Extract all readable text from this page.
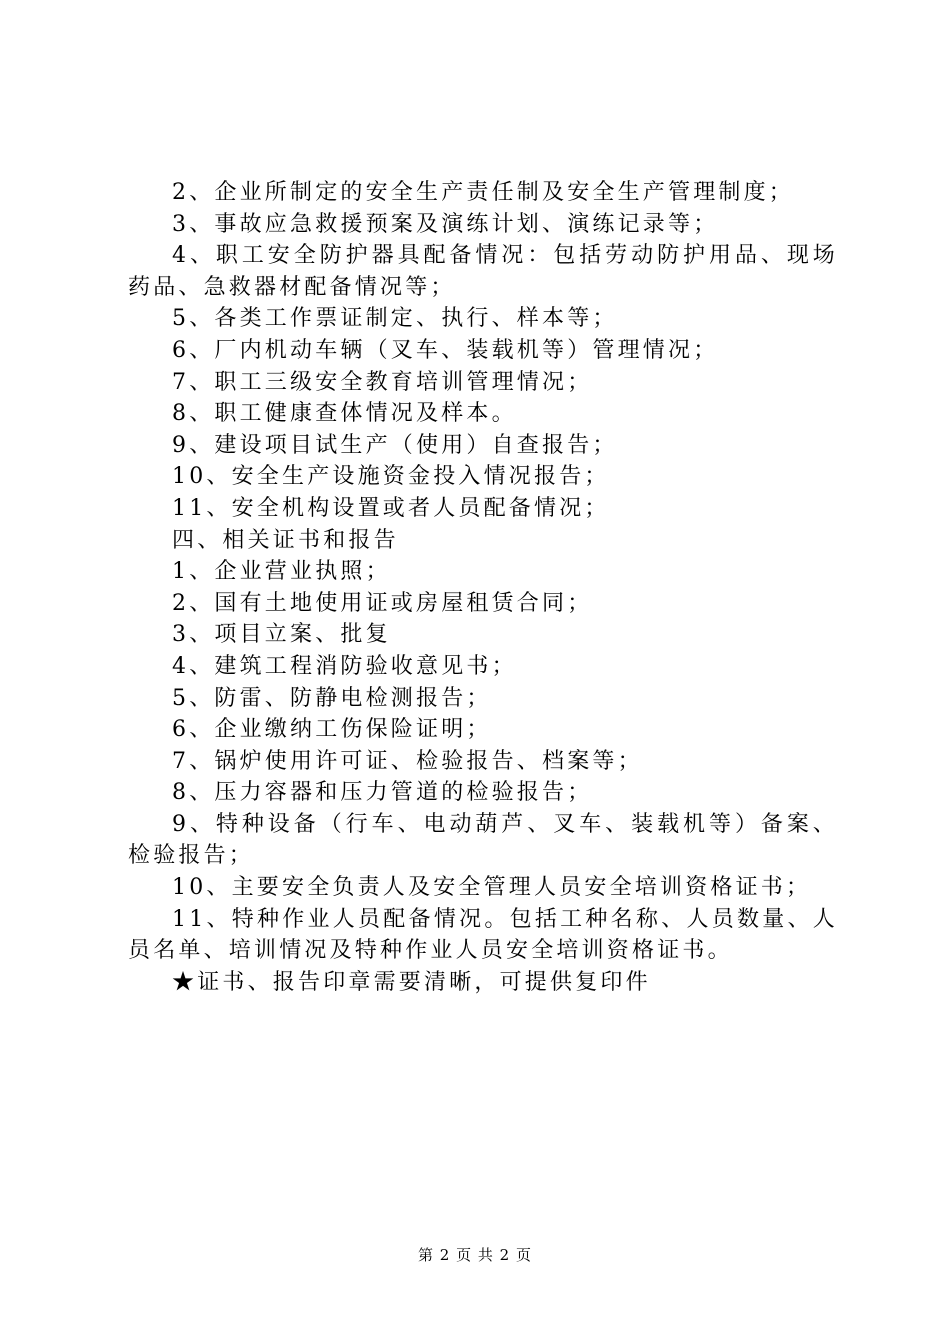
2、企业所制定的安全生产责任制及安全生产管理制度；

3、事故应急救援预案及演练计划、演练记录等；

4、职工安全防护器具配备情况：包括劳动防护用品、现场药品、急救器材配备情况等；

5、各类工作票证制定、执行、样本等；

6、厂内机动车辆（叉车、装载机等）管理情况；

7、职工三级安全教育培训管理情况；

8、职工健康查体情况及样本。

9、建设项目试生产（使用）自查报告；

10、安全生产设施资金投入情况报告；

11、安全机构设置或者人员配备情况；

四、相关证书和报告

1、企业营业执照；

2、国有土地使用证或房屋租赁合同；

3、项目立案、批复

4、建筑工程消防验收意见书；

5、防雷、防静电检测报告；

6、企业缴纳工伤保险证明；

7、锅炉使用许可证、检验报告、档案等；

8、压力容器和压力管道的检验报告；

9、特种设备（行车、电动葫芦、叉车、装载机等）备案、检验报告；

10、主要安全负责人及安全管理人员安全培训资格证书；

11、特种作业人员配备情况。包括工种名称、人员数量、人员名单、培训情况及特种作业人员安全培训资格证书。

★证书、报告印章需要清晰，可提供复印件

第 2 页 共 2 页
